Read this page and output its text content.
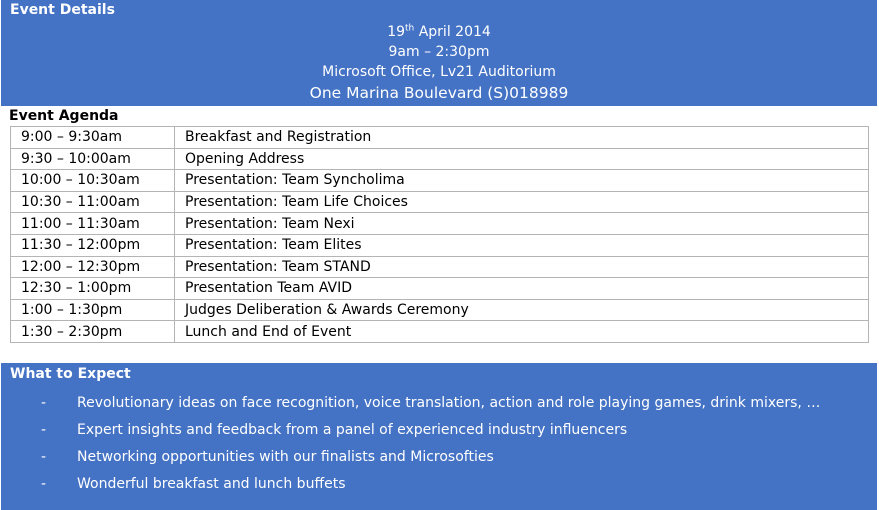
Event Details
19th April 2014
9am – 2:30pm
Microsoft Office, Lv21 Auditorium
One Marina Boulevard (S)018989
Event Agenda
9:00 – 9:30am	Breakfast and Registration
9:30 – 10:00am	Opening Address
10:00 – 10:30am	Presentation: Team Syncholima
10:30 – 11:00am	Presentation: Team Life Choices
11:00 – 11:30am	Presentation: Team Nexi
11:30 – 12:00pm	Presentation: Team Elites
12:00 – 12:30pm	Presentation: Team STAND
12:30 – 1:00pm	Presentation Team AVID
1:00 – 1:30pm	Judges Deliberation & Awards Ceremony
1:30 – 2:30pm	Lunch and End of Event
What to Expect
- Revolutionary ideas on face recognition, voice translation, action and role playing games, drink mixers, …
- Expert insights and feedback from a panel of experienced industry influencers
- Networking opportunities with our finalists and Microsofties
- Wonderful breakfast and lunch buffets
